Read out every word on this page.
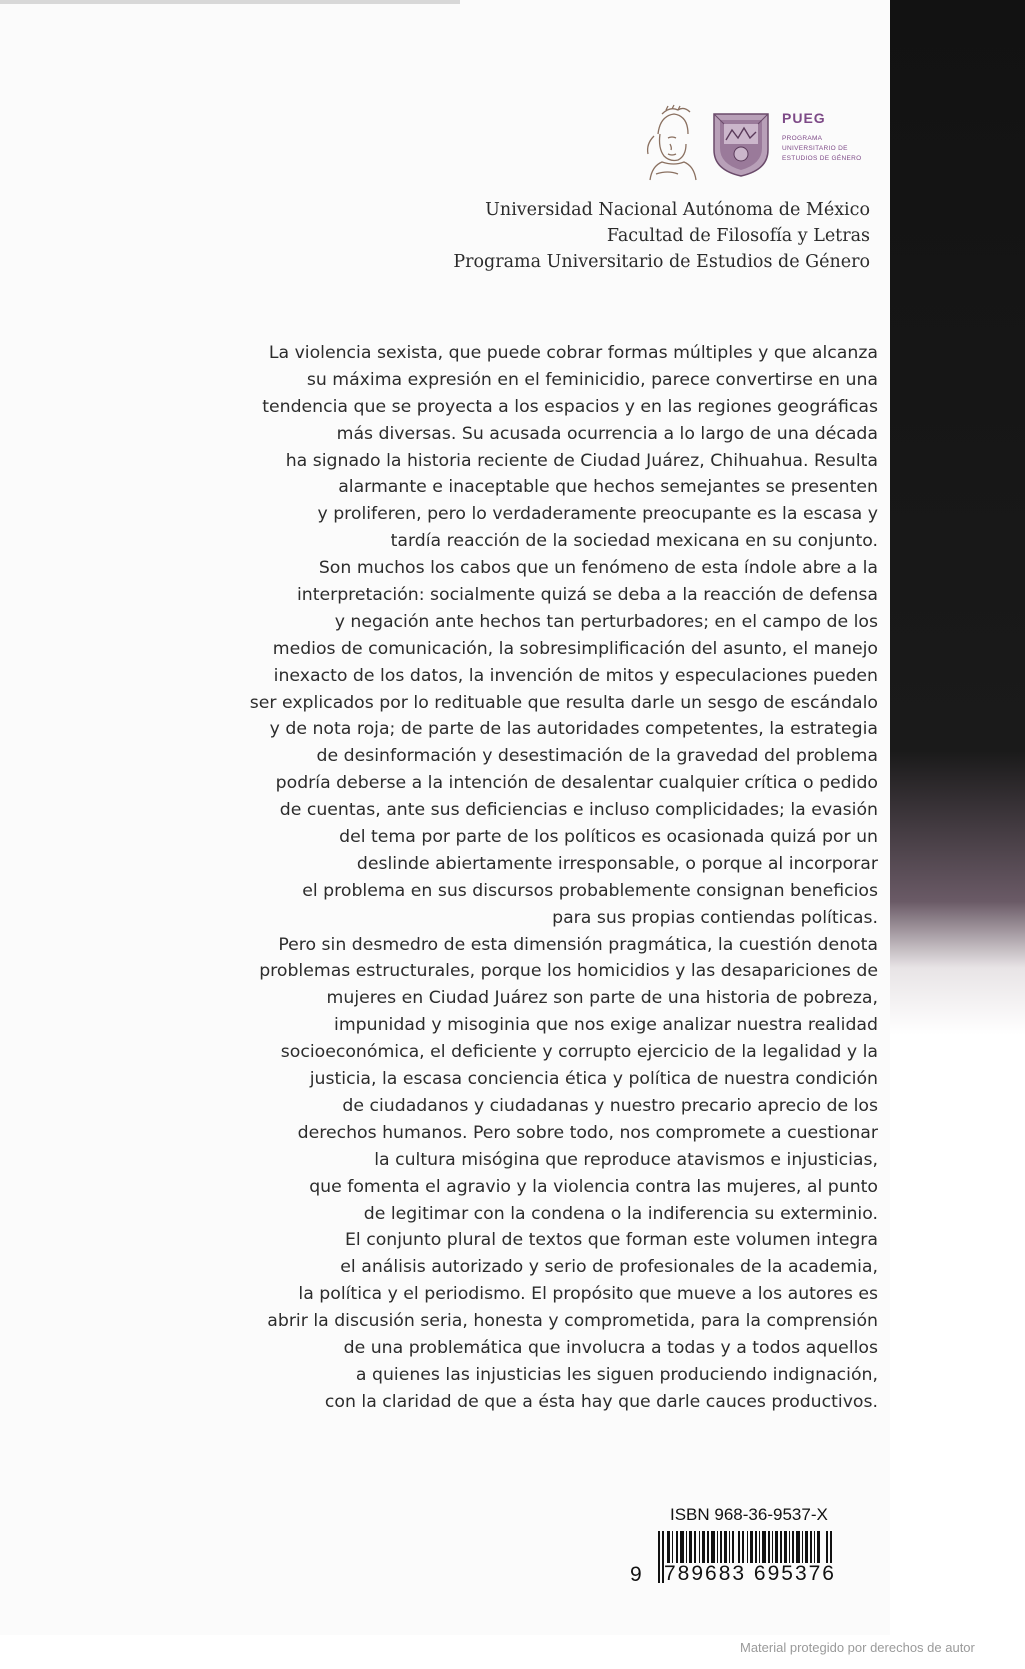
PUEG
PROGRAMA
UNIVERSITARIO DE
ESTUDIOS DE GÉNERO
Universidad Nacional Autónoma de México
Facultad de Filosofía y Letras
Programa Universitario de Estudios de Género
La violencia sexista, que puede cobrar formas múltiples y que alcanza
su máxima expresión en el feminicidio, parece convertirse en una
tendencia que se proyecta a los espacios y en las regiones geográficas
más diversas. Su acusada ocurrencia a lo largo de una década
ha signado la historia reciente de Ciudad Juárez, Chihuahua. Resulta
alarmante e inaceptable que hechos semejantes se presenten
y proliferen, pero lo verdaderamente preocupante es la escasa y
tardía reacción de la sociedad mexicana en su conjunto.
Son muchos los cabos que un fenómeno de esta índole abre a la
interpretación: socialmente quizá se deba a la reacción de defensa
y negación ante hechos tan perturbadores; en el campo de los
medios de comunicación, la sobresimplificación del asunto, el manejo
inexacto de los datos, la invención de mitos y especulaciones pueden
ser explicados por lo redituable que resulta darle un sesgo de escándalo
y de nota roja; de parte de las autoridades competentes, la estrategia
de desinformación y desestimación de la gravedad del problema
podría deberse a la intención de desalentar cualquier crítica o pedido
de cuentas, ante sus deficiencias e incluso complicidades; la evasión
del tema por parte de los políticos es ocasionada quizá por un
deslinde abiertamente irresponsable, o porque al incorporar
el problema en sus discursos probablemente consignan beneficios
para sus propias contiendas políticas.
Pero sin desmedro de esta dimensión pragmática, la cuestión denota
problemas estructurales, porque los homicidios y las desapariciones de
mujeres en Ciudad Juárez son parte de una historia de pobreza,
impunidad y misoginia que nos exige analizar nuestra realidad
socioeconómica, el deficiente y corrupto ejercicio de la legalidad y la
justicia, la escasa conciencia ética y política de nuestra condición
de ciudadanos y ciudadanas y nuestro precario aprecio de los
derechos humanos. Pero sobre todo, nos compromete a cuestionar
la cultura misógina que reproduce atavismos e injusticias,
que fomenta el agravio y la violencia contra las mujeres, al punto
de legitimar con la condena o la indiferencia su exterminio.
El conjunto plural de textos que forman este volumen integra
el análisis autorizado y serio de profesionales de la academia,
la política y el periodismo. El propósito que mueve a los autores es
abrir la discusión seria, honesta y comprometida, para la comprensión
de una problemática que involucra a todas y a todos aquellos
a quienes las injusticias les siguen produciendo indignación,
con la claridad de que a ésta hay que darle cauces productivos.
ISBN 968-36-9537-X
9 789683 695376
Material protegido por derechos de autor
